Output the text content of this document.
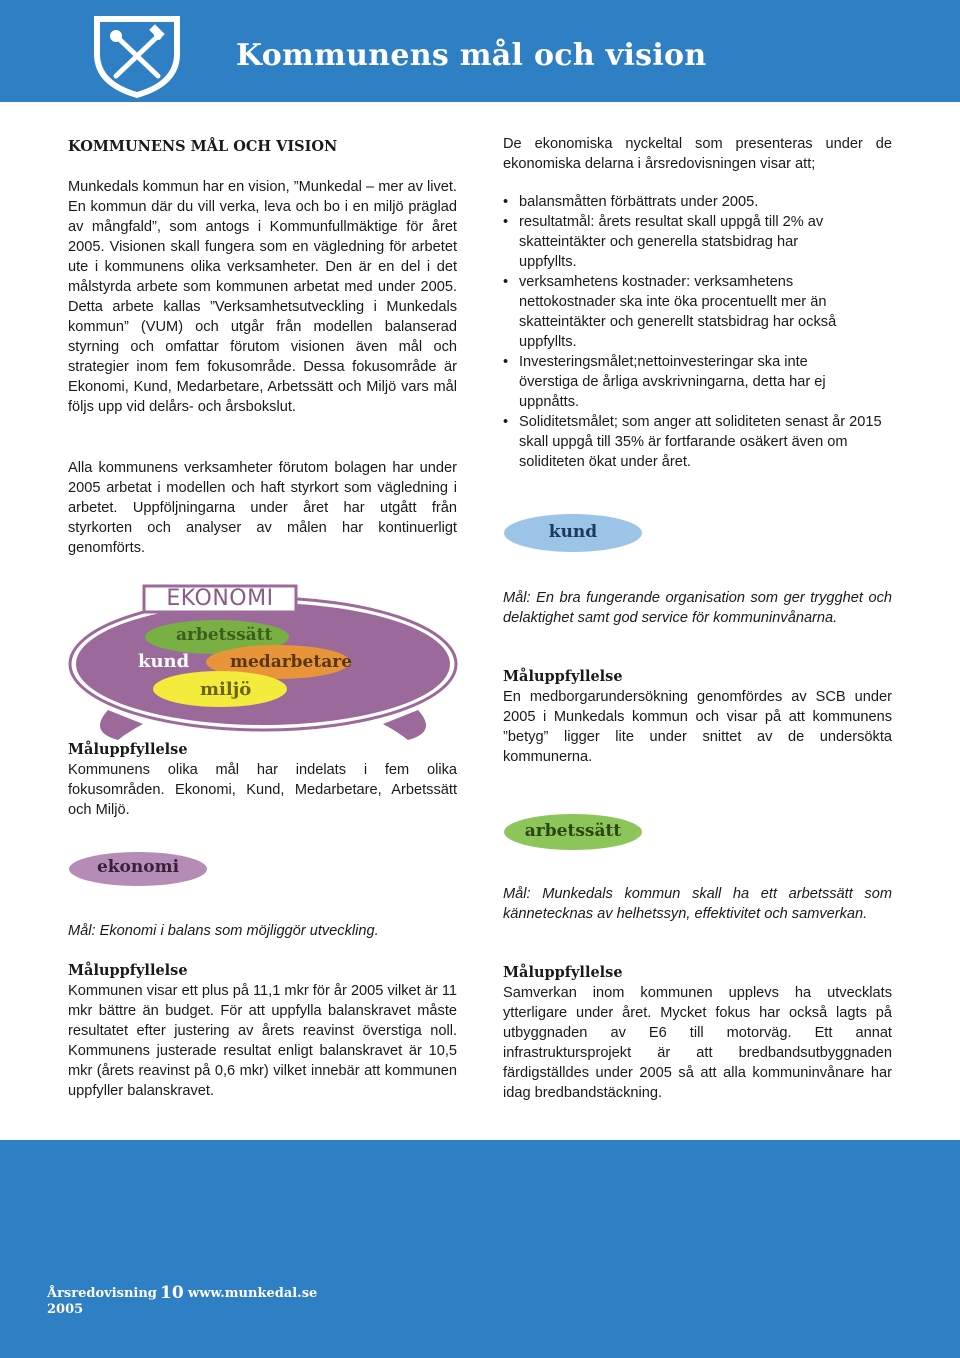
Kommunens mål och vision
KOMMUNENS MÅL OCH VISION
Munkedals kommun har en vision, ”Munkedal – mer av livet. En kommun där du vill verka, leva och bo i en miljö präglad av mångfald”, som antogs i Kommunfullmäktige för året 2005. Visionen skall fungera som en vägledning för arbetet ute i kommunens olika verksamheter. Den är en del i det målstyrda arbete som kommunen arbetat med under 2005. Detta arbete kallas ”Verksamhetsutveckling i Munkedals kommun” (VUM) och utgår från modellen balanserad styrning och omfattar förutom visionen även mål och strategier inom fem fokusområde. Dessa fokusområde är Ekonomi, Kund, Medarbetare, Arbetssätt och Miljö vars mål följs upp vid delårs- och årsbokslut.
Alla kommunens verksamheter förutom bolagen har under 2005 arbetat i modellen och haft styrkort som vägledning i arbetet. Uppföljningarna under året har utgått från styrkorten och analyser av målen har kontinuerligt genomförts.
EKONOMI
arbetssätt
kund medarbetare
miljö
Måluppfyllelse
Kommunens olika mål har indelats i fem olika fokusområden. Ekonomi, Kund, Medarbetare, Arbetssätt och Miljö.
ekonomi
Mål: Ekonomi i balans som möjliggör utveckling.
Måluppfyllelse
Kommunen visar ett plus på 11,1 mkr för år 2005 vilket är 11 mkr bättre än budget. För att uppfylla balanskravet måste resultatet efter justering av årets reavinst överstiga noll. Kommunens justerade resultat enligt balanskravet är 10,5 mkr (årets reavinst på 0,6 mkr) vilket innebär att kommunen uppfyller balanskravet.
De ekonomiska nyckeltal som presenteras under de ekonomiska delarna i årsredovisningen visar att;
• balansmåtten förbättrats under 2005.
• resultatmål: årets resultat skall uppgå till 2% av skatteintäkter och generella statsbidrag har uppfyllts.
• verksamhetens kostnader: verksamhetens nettokostnader ska inte öka procentuellt mer än skatteintäkter och generellt statsbidrag har också uppfyllts.
• Investeringsmålet;nettoinvesteringar ska inte överstiga de årliga avskrivningarna, detta har ej uppnåtts.
• Soliditetsmålet; som anger att soliditeten senast år 2015 skall uppgå till 35% är fortfarande osäkert även om soliditeten ökat under året.
kund
Mål: En bra fungerande organisation som ger trygghet och delaktighet samt god service för kommuninvånarna.
Måluppfyllelse
En medborgarundersökning genomfördes av SCB under 2005 i Munkedals kommun och visar på att kommunens ”betyg” ligger lite under snittet av de undersökta kommunerna.
arbetssätt
Mål: Munkedals kommun skall ha ett arbetssätt som kännetecknas av helhetssyn, effektivitet och samverkan.
Måluppfyllelse
Samverkan inom kommunen upplevs ha utvecklats ytterligare under året. Mycket fokus har också lagts på utbyggnaden av E6 till motorväg. Ett annat infrastruktursprojekt är att bredbandsutbyggnaden färdigställdes under 2005 så att alla kommuninvånare har idag bredbandstäckning.
Årsredovisning
2005
10 www.munkedal.se
